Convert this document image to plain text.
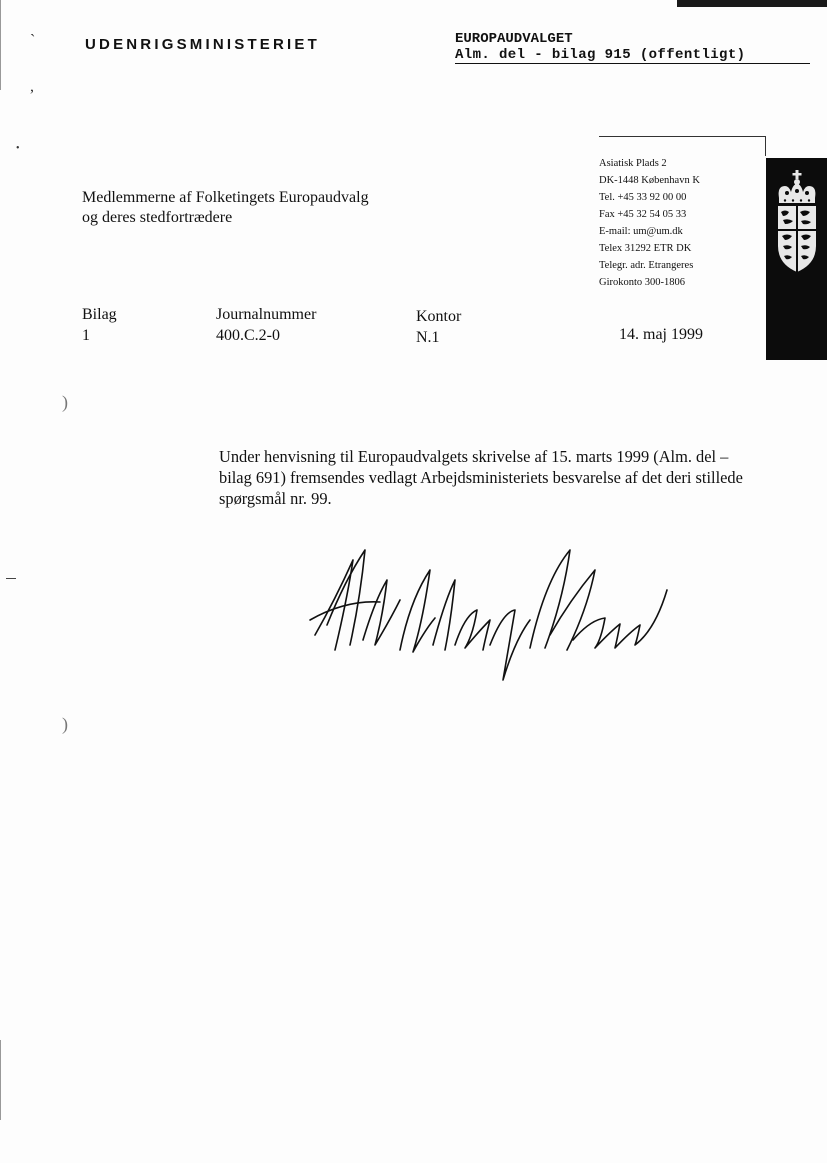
ˋ
,
•
)
)
UDENRIGSMINISTERIET	EUROPAUDVALGET
Alm. del - bilag 915 (offentligt)
Asiatisk Plads 2
DK-1448 København K
Tel. +45 33 92 00 00
Fax +45 32 54 05 33
E-mail: um@um.dk
Telex 31292 ETR DK
Telegr. adr. Etrangeres
Girokonto 300-1806
Medlemmerne af Folketingets Europaudvalg
og deres stedfortrædere
Bilag
1
Journalnummer
400.C.2-0
Kontor
N.1	14. maj 1999
Under henvisning til Europaudvalgets skrivelse af 15. marts 1999 (Alm. del – bilag 691) fremsendes vedlagt Arbejdsministeriets besvarelse af det deri stillede spørgsmål nr. 99.
